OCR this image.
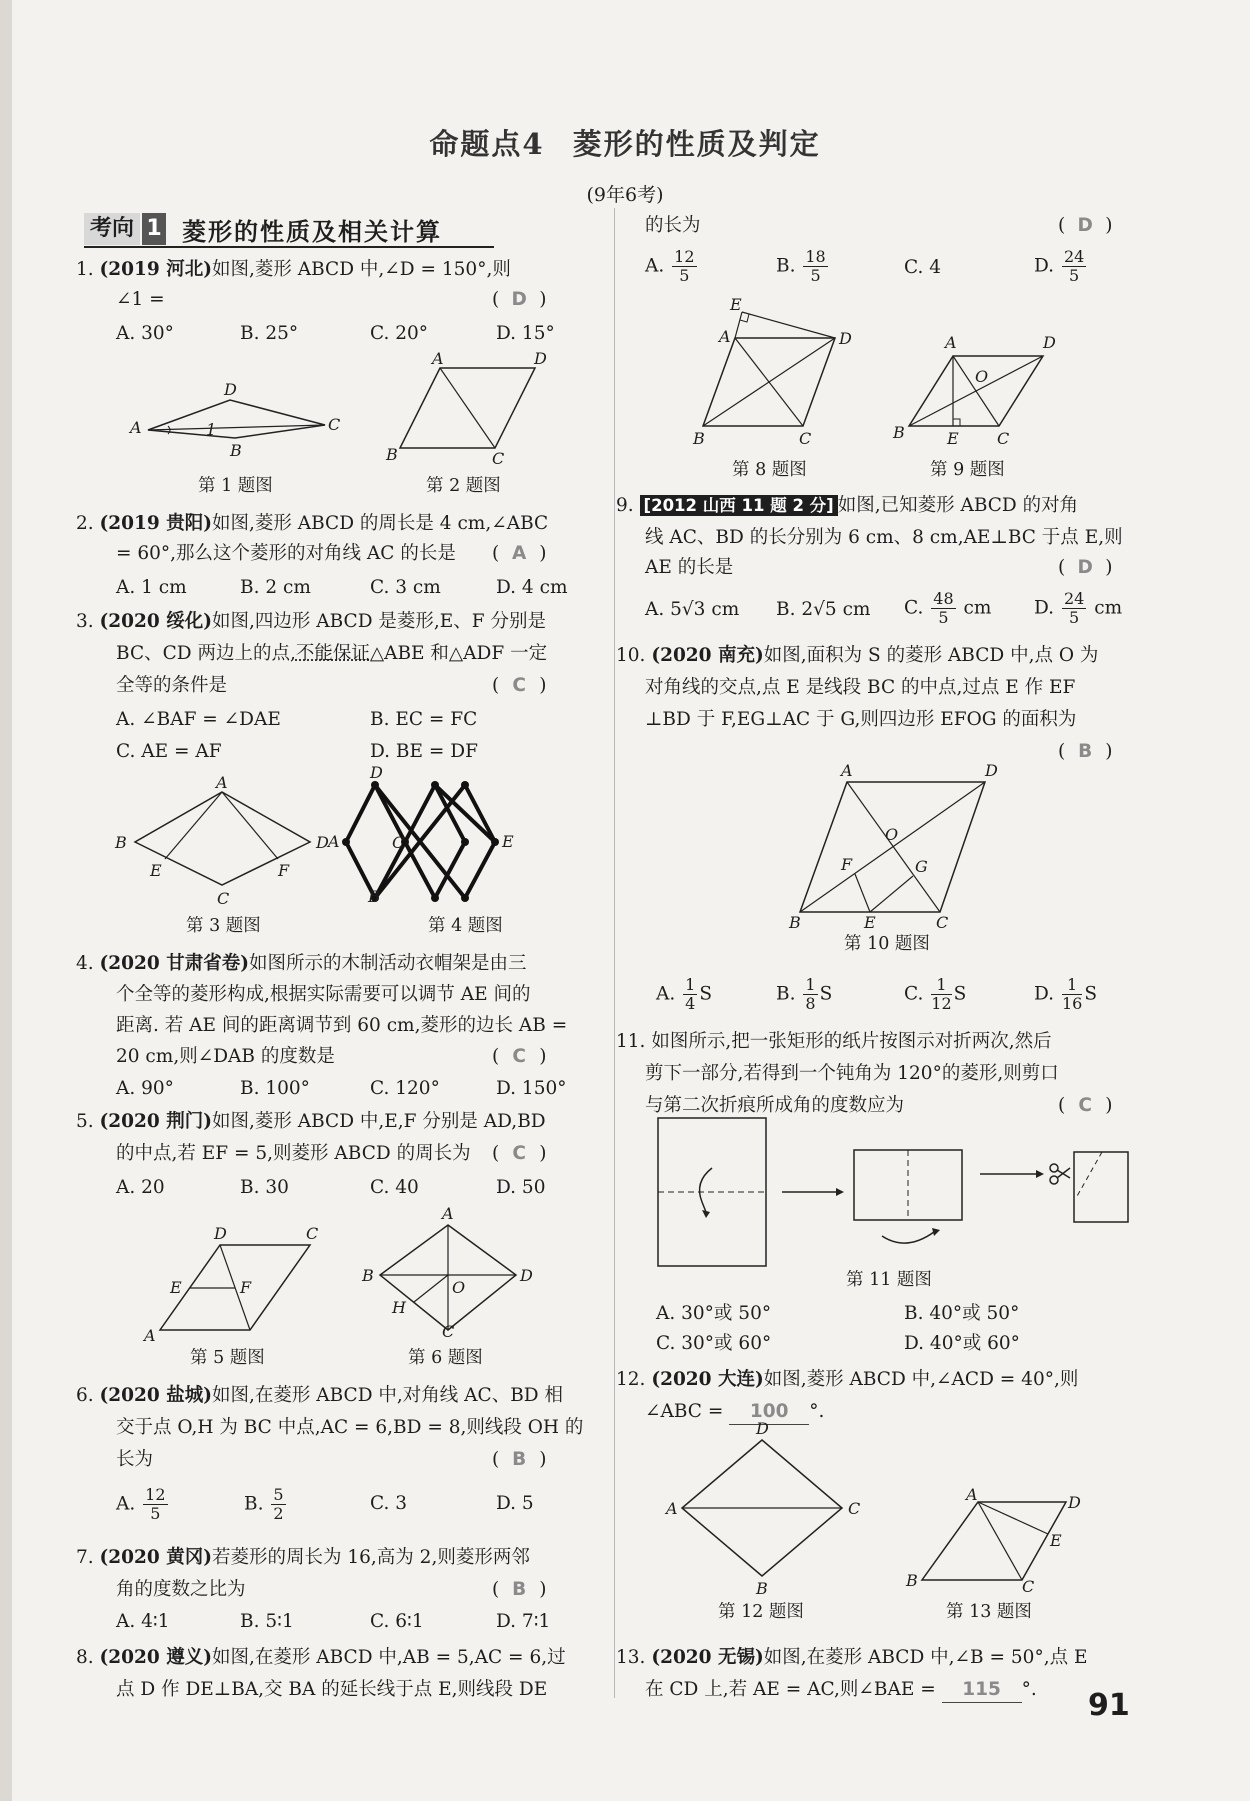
命题点4 菱形的性质及判定
(9年6考)
考向 1 菱形的性质及相关计算
1. (2019 河北)如图,菱形 ABCD 中,∠D = 150°,则
∠1 =	( D )
A. 30°	B. 25°	C. 20°	D. 15°
A
D
C
B
1
A	D
B	C
第 1 题图	第 2 题图
2. (2019 贵阳)如图,菱形 ABCD 的周长是 4 cm,∠ABC
= 60°,那么这个菱形的对角线 AC 的长是 ( A )
A. 1 cm	B. 2 cm	C. 3 cm	D. 4 cm
3. (2020 绥化)如图,四边形 ABCD 是菱形,E、F 分别是
BC、CD 两边上的点,不能保证△ABE 和△ADF 一定
全等的条件是	( C )
A. ∠BAF = ∠DAE	B. EC = FC
C. AE = AF	D. BE = DF
A
B	D
E	F
C
D
A	C	E
B
第 3 题图	第 4 题图
4. (2020 甘肃省卷)如图所示的木制活动衣帽架是由三
个全等的菱形构成,根据实际需要可以调节 AE 间的
距离. 若 AE 间的距离调节到 60 cm,菱形的边长 AB =
20 cm,则∠DAB 的度数是	( C )
A. 90°	B. 100°	C. 120°	D. 150°
5. (2020 荆门)如图,菱形 ABCD 中,E,F 分别是 AD,BD
的中点,若 EF = 5,则菱形 ABCD 的周长为 ( C )
A. 20	B. 30	C. 40	D. 50
D	C
E	F
A
A
B	D
O
H
C
第 5 题图	第 6 题图
6. (2020 盐城)如图,在菱形 ABCD 中,对角线 AC、BD 相
交于点 O,H 为 BC 中点,AC = 6,BD = 8,则线段 OH 的
长为	( B )
A. $\frac{12}{5}$	B. $\frac{5}{2}$	C. 3	D. 5
7. (2020 黄冈)若菱形的周长为 16,高为 2,则菱形两邻
角的度数之比为	( B )
A. 4∶1	B. 5∶1	C. 6∶1	D. 7∶1
8. (2020 遵义)如图,在菱形 ABCD 中,AB = 5,AC = 6,过
点 D 作 DE⊥BA,交 BA 的延长线于点 E,则线段 DE
的长为	( D )
A. $\frac{12}{5}$	B. $\frac{18}{5}$	C. 4	D. $\frac{24}{5}$
E
A	D
B	C
A	D
O
B	E C
第 8 题图	第 9 题图
9. [2012 山西 11 题 2 分] 如图,已知菱形 ABCD 的对角
线 AC、BD 的长分别为 6 cm、8 cm,AE⊥BC 于点 E,则
AE 的长是	( D )
A. 5√3 cm B. 2√5 cm C. $\frac{48}{5}$ cm D. $\frac{24}{5}$ cm
10. (2020 南充)如图,面积为 S 的菱形 ABCD 中,点 O 为
对角线的交点,点 E 是线段 BC 的中点,过点 E 作 EF
⊥BD 于 F,EG⊥AC 于 G,则四边形 EFOG 的面积为
( B )
A	D
O
F	G
B	E	C
第 10 题图
A. $\frac{1}{4}$ S	B. $\frac{1}{8}$ S	C. $\frac{1}{12}$ S	D. $\frac{1}{16}$ S
11. 如图所示,把一张矩形的纸片按图示对折两次,然后
剪下一部分,若得到一个钝角为 120°的菱形,则剪口
与第二次折痕所成角的度数应为	( C )
第 11 题图
A. 30°或 50°	B. 40°或 50°
C. 30°或 60°	D. 40°或 60°
12. (2020 大连)如图,菱形 ABCD 中,∠ACD = 40°,则
∠ABC = 100 °.
D
A	C
B
A	D
E
B	C
第 12 题图	第 13 题图
13. (2020 无锡)如图,在菱形 ABCD 中,∠B = 50°,点 E
在 CD 上,若 AE = AC,则∠BAE = 115 °. 91
